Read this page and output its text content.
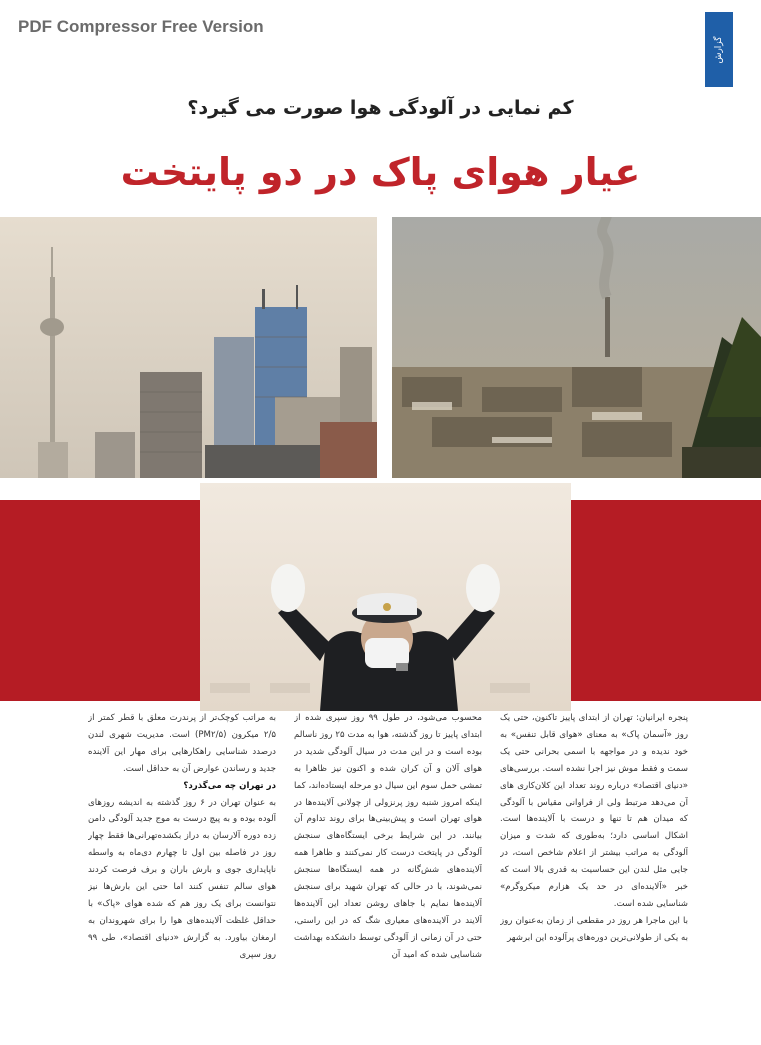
PDF Compressor Free Version
گزارش
کم نمایی در آلودگی هوا صورت می گیرد؟
عیار هوای پاک در دو پایتخت

پنجره ایرانیان: تهران از ابتدای پاییز تاکنون، حتی یک روز «آسمان پاک» به معنای «هوای قابل تنفس» به خود ندیده و در مواجهه با اسمی بحرانی حتی یک سمت و فقط موش نیز اجرا نشده است. بررسی‌های «دنیای اقتصاد» درباره روند تعداد این کلان‌کاری های آن می‌دهد مرتبط ولی از فراوانی مقیاس با آلودگی که میدان هم تا تنها و درست با آلاینده‌ها است. اشکال اساسی دارد؛ به‌طوری که شدت و میزان آلودگی به مراتب بیشتر از اعلام شاخص است، در جایی مثل لندن این حساسیت به قدری بالا است که خبر «آلاینده‌ای در حد یک هزارم میکروگرم» شناسایی شده است.

با این ماجرا هر روز در مقطعی از زمان به‌عنوان روز به یکی از طولانی‌ترین دوره‌های پرآلوده این ابرشهر

محسوب می‌شود، در طول ۹۹ روز سپری شده از ابتدای پاییز تا روز گذشته، هوا به مدت ۲۵ روز ناسالم بوده است و در این مدت در سیال آلودگی شدید در هوای آلان و آن کران شده و اکنون نیز ظاهرا به تمشی حمل سوم این سیال دو مرحله ایستاده‌اند، کما اینکه امروز شنبه روز پرنزولی از چولانی آلاینده‌ها در هوای تهران است و پیش‌بینی‌ها برای روند تداوم آن بیانند. در این شرایط برخی ایستگاه‌های سنجش آلودگی در پایتخت درست کار نمی‌کنند و ظاهرا همه آلاینده‌های شش‌گانه در همه ایستگاه‌ها سنجش نمی‌شوند، با در حالی که تهران شهید برای سنجش آلاینده‌ها نمایم با جاهای روشن تعداد این آلاینده‌ها آلایند در آلاینده‌های معیاری شگ که در این راستی، حتی در آن زمانی از آلودگی توسط دانشکده بهداشت شناسایی شده که امید آن

به مراتب کوچک‌تر از پرندرت معلق با قطر کمتر از ۲/۵ میکرون (PM۲/۵) است. مدیریت شهری لندن درصدد شناسایی راهکارهایی برای مهار این آلاینده جدید و رساندن عوارض آن به حداقل است.

در تهران چه می‌گذرد؟

به عنوان تهران در ۶ روز گذشته به اندیشه روزهای آلوده بوده و به پیچ درست به موج جدید آلودگی دامن زده دوره آلارسان به دراز بکشده‌تهرانی‌ها فقط چهار روز در فاصله بین اول تا چهارم دی‌ماه به واسطه ناپایداری جوی و بارش باران و برف فرصت کردند هوای سالم تنفس کنند اما حتی این بارش‌ها نیز نتوانست برای یک روز هم که شده هوای «پاک» با حداقل غلظت آلاینده‌های هوا را برای شهروندان به ارمغان بیاورد. به گزارش «دنیای اقتصاد»، طی ۹۹ روز سپری
